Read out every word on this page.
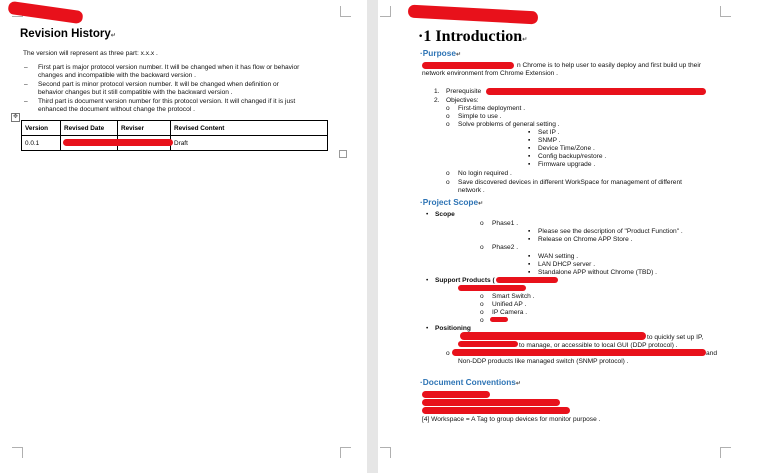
Revision History↵
The version will represent as three part: x.x.x .
– First part is major protocol version number. It will be changed when it has flow or behavior
changes and incompatible with the backward version .
– Second part is minor protocol version number. It will be changed when definition or
behavior changes but it still compatible with the backward version .
– Third part is document version number for this protocol version. It will changed if it is just
enhanced the document without change the protocol .
✥
Version	Revised Date	Reviser	Revised Content
0.0.1			Draft
·1 Introduction↵
·Purpose↵
n Chrome is to help user to easily deploy and first build up their
network environment from Chrome Extension .
1. Prerequisite
2. Objectives:
o First-time deployment .
o Simple to use .
o Solve problems of general setting .
▪ Set IP .
▪ SNMP .
▪ Device Time/Zone .
▪ Config backup/restore .
▪ Firmware upgrade .
o No login required .
o Save discovered devices in different WorkSpace for management of different
network .
·Project Scope↵
• Scope
o Phase1 .
▪ Please see the description of "Product Function" .
▪ Release on Chrome APP Store .
o Phase2 .
▪ WAN setting .
▪ LAN DHCP server .
▪ Standalone APP without Chrome (TBD) .
• Support Products (
o Smart Switch .
o Unified AP .
o IP Camera .
o
• Positioning
to quickly set up IP,
to manage, or accessible to local GUI (DDP protocol) .
o	and
Non-DDP products like managed switch (SNMP protocol) .
·Document Conventions↵
[4] Workspace = A Tag to group devices for monitor purpose .
